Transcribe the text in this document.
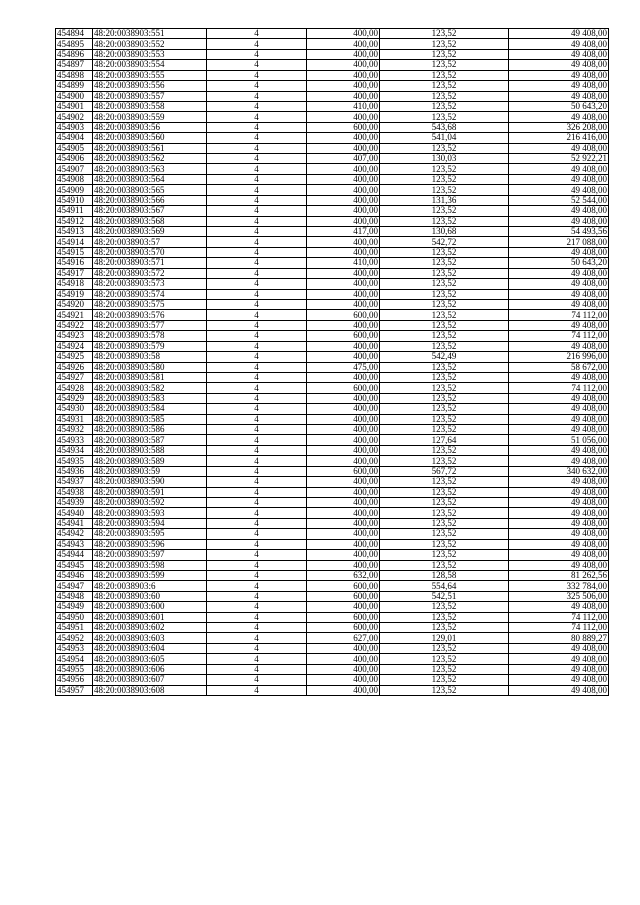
454894	48:20:0038903:551	4	400,00	123,52	49 408,00
454895	48:20:0038903:552	4	400,00	123,52	49 408,00
454896	48:20:0038903:553	4	400,00	123,52	49 408,00
454897	48:20:0038903:554	4	400,00	123,52	49 408,00
454898	48:20:0038903:555	4	400,00	123,52	49 408,00
454899	48:20:0038903:556	4	400,00	123,52	49 408,00
454900	48:20:0038903:557	4	400,00	123,52	49 408,00
454901	48:20:0038903:558	4	410,00	123,52	50 643,20
454902	48:20:0038903:559	4	400,00	123,52	49 408,00
454903	48:20:0038903:56	4	600,00	543,68	326 208,00
454904	48:20:0038903:560	4	400,00	541,04	216 416,00
454905	48:20:0038903:561	4	400,00	123,52	49 408,00
454906	48:20:0038903:562	4	407,00	130,03	52 922,21
454907	48:20:0038903:563	4	400,00	123,52	49 408,00
454908	48:20:0038903:564	4	400,00	123,52	49 408,00
454909	48:20:0038903:565	4	400,00	123,52	49 408,00
454910	48:20:0038903:566	4	400,00	131,36	52 544,00
454911	48:20:0038903:567	4	400,00	123,52	49 408,00
454912	48:20:0038903:568	4	400,00	123,52	49 408,00
454913	48:20:0038903:569	4	417,00	130,68	54 493,56
454914	48:20:0038903:57	4	400,00	542,72	217 088,00
454915	48:20:0038903:570	4	400,00	123,52	49 408,00
454916	48:20:0038903:571	4	410,00	123,52	50 643,20
454917	48:20:0038903:572	4	400,00	123,52	49 408,00
454918	48:20:0038903:573	4	400,00	123,52	49 408,00
454919	48:20:0038903:574	4	400,00	123,52	49 408,00
454920	48:20:0038903:575	4	400,00	123,52	49 408,00
454921	48:20:0038903:576	4	600,00	123,52	74 112,00
454922	48:20:0038903:577	4	400,00	123,52	49 408,00
454923	48:20:0038903:578	4	600,00	123,52	74 112,00
454924	48:20:0038903:579	4	400,00	123,52	49 408,00
454925	48:20:0038903:58	4	400,00	542,49	216 996,00
454926	48:20:0038903:580	4	475,00	123,52	58 672,00
454927	48:20:0038903:581	4	400,00	123,52	49 408,00
454928	48:20:0038903:582	4	600,00	123,52	74 112,00
454929	48:20:0038903:583	4	400,00	123,52	49 408,00
454930	48:20:0038903:584	4	400,00	123,52	49 408,00
454931	48:20:0038903:585	4	400,00	123,52	49 408,00
454932	48:20:0038903:586	4	400,00	123,52	49 408,00
454933	48:20:0038903:587	4	400,00	127,64	51 056,00
454934	48:20:0038903:588	4	400,00	123,52	49 408,00
454935	48:20:0038903:589	4	400,00	123,52	49 408,00
454936	48:20:0038903:59	4	600,00	567,72	340 632,00
454937	48:20:0038903:590	4	400,00	123,52	49 408,00
454938	48:20:0038903:591	4	400,00	123,52	49 408,00
454939	48:20:0038903:592	4	400,00	123,52	49 408,00
454940	48:20:0038903:593	4	400,00	123,52	49 408,00
454941	48:20:0038903:594	4	400,00	123,52	49 408,00
454942	48:20:0038903:595	4	400,00	123,52	49 408,00
454943	48:20:0038903:596	4	400,00	123,52	49 408,00
454944	48:20:0038903:597	4	400,00	123,52	49 408,00
454945	48:20:0038903:598	4	400,00	123,52	49 408,00
454946	48:20:0038903:599	4	632,00	128,58	81 262,56
454947	48:20:0038903:6	4	600,00	554,64	332 784,00
454948	48:20:0038903:60	4	600,00	542,51	325 506,00
454949	48:20:0038903:600	4	400,00	123,52	49 408,00
454950	48:20:0038903:601	4	600,00	123,52	74 112,00
454951	48:20:0038903:602	4	600,00	123,52	74 112,00
454952	48:20:0038903:603	4	627,00	129,01	80 889,27
454953	48:20:0038903:604	4	400,00	123,52	49 408,00
454954	48:20:0038903:605	4	400,00	123,52	49 408,00
454955	48:20:0038903:606	4	400,00	123,52	49 408,00
454956	48:20:0038903:607	4	400,00	123,52	49 408,00
454957	48:20:0038903:608	4	400,00	123,52	49 408,00
